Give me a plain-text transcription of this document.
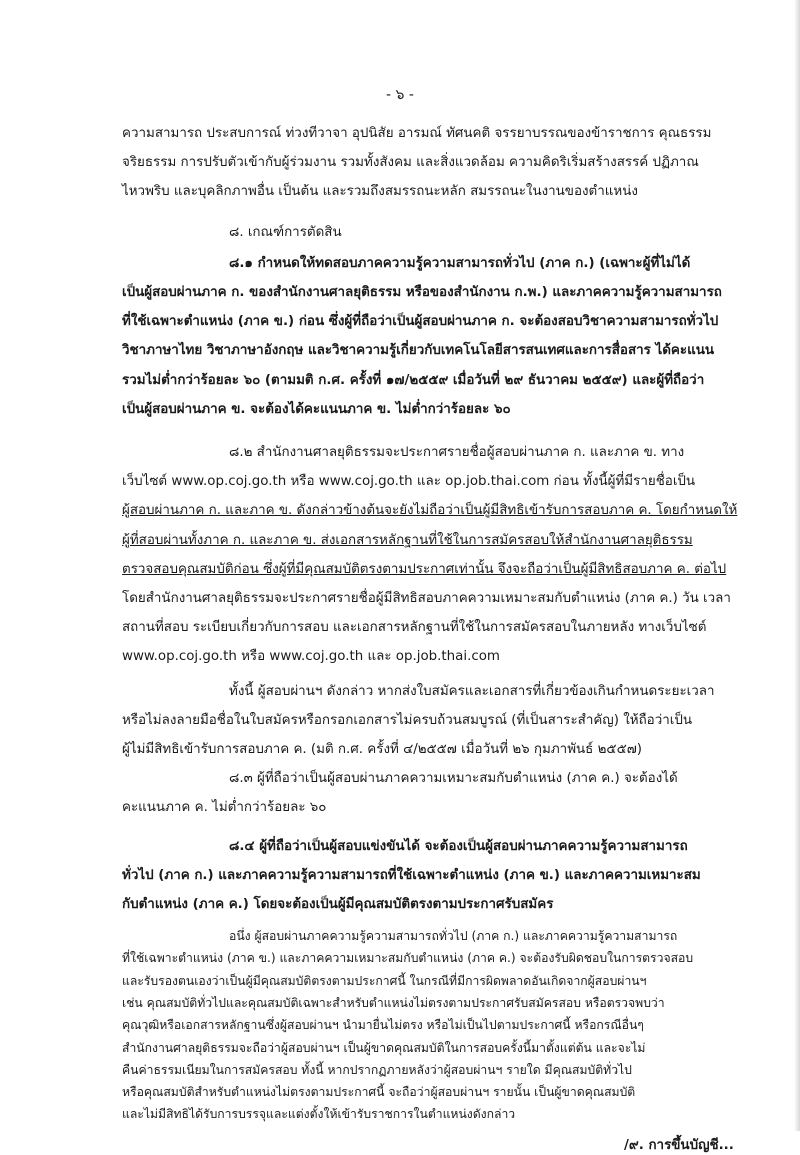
- ๖ -
ความสามารถ ประสบการณ์ ท่วงทีวาจา อุปนิสัย อารมณ์ ทัศนคติ จรรยาบรรณของข้าราชการ คุณธรรม
จริยธรรม การปรับตัวเข้ากับผู้ร่วมงาน รวมทั้งสังคม และสิ่งแวดล้อม ความคิดริเริ่มสร้างสรรค์ ปฏิภาณ
ไหวพริบ และบุคลิกภาพอื่น เป็นต้น และรวมถึงสมรรถนะหลัก สมรรถนะในงานของตำแหน่ง
๘. เกณฑ์การตัดสิน
๘.๑ กำหนดให้ทดสอบภาคความรู้ความสามารถทั่วไป (ภาค ก.) (เฉพาะผู้ที่ไม่ได้
เป็นผู้สอบผ่านภาค ก. ของสำนักงานศาลยุติธรรม หรือของสำนักงาน ก.พ.) และภาคความรู้ความสามารถ
ที่ใช้เฉพาะตำแหน่ง (ภาค ข.) ก่อน ซึ่งผู้ที่ถือว่าเป็นผู้สอบผ่านภาค ก. จะต้องสอบวิชาความสามารถทั่วไป
วิชาภาษาไทย วิชาภาษาอังกฤษ และวิชาความรู้เกี่ยวกับเทคโนโลยีสารสนเทศและการสื่อสาร ได้คะแนน
รวมไม่ต่ำกว่าร้อยละ ๖๐ (ตามมติ ก.ศ. ครั้งที่ ๑๗/๒๕๕๙ เมื่อวันที่ ๒๙ ธันวาคม ๒๕๕๙) และผู้ที่ถือว่า
เป็นผู้สอบผ่านภาค ข. จะต้องได้คะแนนภาค ข. ไม่ต่ำกว่าร้อยละ ๖๐
๘.๒ สำนักงานศาลยุติธรรมจะประกาศรายชื่อผู้สอบผ่านภาค ก. และภาค ข. ทาง
เว็บไซต์ www.op.coj.go.th หรือ www.coj.go.th และ op.job.thai.com ก่อน ทั้งนี้ผู้ที่มีรายชื่อเป็น
ผู้สอบผ่านภาค ก. และภาค ข. ดังกล่าวข้างต้นจะยังไม่ถือว่าเป็นผู้มีสิทธิเข้ารับการสอบภาค ค. โดยกำหนดให้
ผู้ที่สอบผ่านทั้งภาค ก. และภาค ข. ส่งเอกสารหลักฐานที่ใช้ในการสมัครสอบให้สำนักงานศาลยุติธรรม
ตรวจสอบคุณสมบัติก่อน ซึ่งผู้ที่มีคุณสมบัติตรงตามประกาศเท่านั้น จึงจะถือว่าเป็นผู้มีสิทธิสอบภาค ค. ต่อไป
โดยสำนักงานศาลยุติธรรมจะประกาศรายชื่อผู้มีสิทธิสอบภาคความเหมาะสมกับตำแหน่ง (ภาค ค.) วัน เวลา
สถานที่สอบ ระเบียบเกี่ยวกับการสอบ และเอกสารหลักฐานที่ใช้ในการสมัครสอบในภายหลัง ทางเว็บไซต์
www.op.coj.go.th หรือ www.coj.go.th และ op.job.thai.com
ทั้งนี้ ผู้สอบผ่านฯ ดังกล่าว หากส่งใบสมัครและเอกสารที่เกี่ยวข้องเกินกำหนดระยะเวลา
หรือไม่ลงลายมือชื่อในใบสมัครหรือกรอกเอกสารไม่ครบถ้วนสมบูรณ์ (ที่เป็นสาระสำคัญ) ให้ถือว่าเป็น
ผู้ไม่มีสิทธิเข้ารับการสอบภาค ค. (มติ ก.ศ. ครั้งที่ ๔/๒๕๕๗ เมื่อวันที่ ๒๖ กุมภาพันธ์ ๒๕๕๗)
๘.๓ ผู้ที่ถือว่าเป็นผู้สอบผ่านภาคความเหมาะสมกับตำแหน่ง (ภาค ค.) จะต้องได้
คะแนนภาค ค. ไม่ต่ำกว่าร้อยละ ๖๐
๘.๔ ผู้ที่ถือว่าเป็นผู้สอบแข่งขันได้ จะต้องเป็นผู้สอบผ่านภาคความรู้ความสามารถ
ทั่วไป (ภาค ก.) และภาคความรู้ความสามารถที่ใช้เฉพาะตำแหน่ง (ภาค ข.) และภาคความเหมาะสม
กับตำแหน่ง (ภาค ค.) โดยจะต้องเป็นผู้มีคุณสมบัติตรงตามประกาศรับสมัคร
อนึ่ง ผู้สอบผ่านภาคความรู้ความสามารถทั่วไป (ภาค ก.) และภาคความรู้ความสามารถ
ที่ใช้เฉพาะตำแหน่ง (ภาค ข.) และภาคความเหมาะสมกับตำแหน่ง (ภาค ค.) จะต้องรับผิดชอบในการตรวจสอบ
และรับรองตนเองว่าเป็นผู้มีคุณสมบัติตรงตามประกาศนี้ ในกรณีที่มีการผิดพลาดอันเกิดจากผู้สอบผ่านฯ
เช่น คุณสมบัติทั่วไปและคุณสมบัติเฉพาะสำหรับตำแหน่งไม่ตรงตามประกาศรับสมัครสอบ หรือตรวจพบว่า
คุณวุฒิหรือเอกสารหลักฐานซึ่งผู้สอบผ่านฯ นำมายื่นไม่ตรง หรือไม่เป็นไปตามประกาศนี้ หรือกรณีอื่นๆ
สำนักงานศาลยุติธรรมจะถือว่าผู้สอบผ่านฯ เป็นผู้ขาดคุณสมบัติในการสอบครั้งนี้มาตั้งแต่ต้น และจะไม่
คืนค่าธรรมเนียมในการสมัครสอบ ทั้งนี้ หากปรากฏภายหลังว่าผู้สอบผ่านฯ รายใด มีคุณสมบัติทั่วไป
หรือคุณสมบัติสำหรับตำแหน่งไม่ตรงตามประกาศนี้ จะถือว่าผู้สอบผ่านฯ รายนั้น เป็นผู้ขาดคุณสมบัติ
และไม่มีสิทธิได้รับการบรรจุและแต่งตั้งให้เข้ารับราชการในตำแหน่งดังกล่าว
/๙. การขึ้นบัญชี...
